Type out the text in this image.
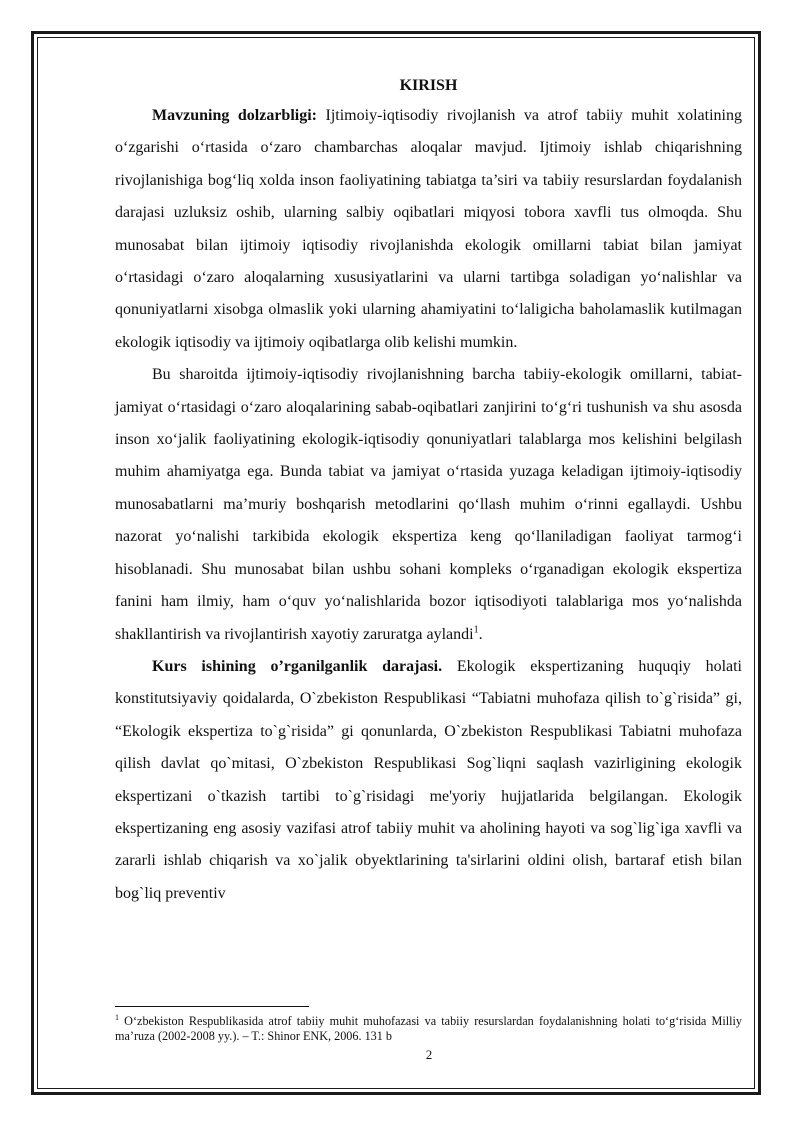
KIRISH

Mavzuning dolzarbligi: Ijtimoiy-iqtisodiy rivojlanish va atrof tabiiy muhit xolatining o‘zgarishi o‘rtasida o‘zaro chambarchas aloqalar mavjud. Ijtimoiy ishlab chiqarishning rivojlanishiga bog‘liq xolda inson faoliyatining tabiatga ta’siri va tabiiy resurslardan foydalanish darajasi uzluksiz oshib, ularning salbiy oqibatlari miqyosi tobora xavfli tus olmoqda. Shu munosabat bilan ijtimoiy iqtisodiy rivojlanishda ekologik omillarni tabiat bilan jamiyat o‘rtasidagi o‘zaro aloqalarning xususiyatlarini va ularni tartibga soladigan yo‘nalishlar va qonuniyatlarni xisobga olmaslik yoki ularning ahamiyatini to‘laligicha baholamaslik kutilmagan ekologik iqtisodiy va ijtimoiy oqibatlarga olib kelishi mumkin.

Bu sharoitda ijtimoiy-iqtisodiy rivojlanishning barcha tabiiy-ekologik omillarni, tabiat-jamiyat o‘rtasidagi o‘zaro aloqalarining sabab-oqibatlari zanjirini to‘g‘ri tushunish va shu asosda inson xo‘jalik faoliyatining ekologik-iqtisodiy qonuniyatlari talablarga mos kelishini belgilash muhim ahamiyatga ega. Bunda tabiat va jamiyat o‘rtasida yuzaga keladigan ijtimoiy-iqtisodiy munosabatlarni ma’muriy boshqarish metodlarini qo‘llash muhim o‘rinni egallaydi. Ushbu nazorat yo‘nalishi tarkibida ekologik ekspertiza keng qo‘llaniladigan faoliyat tarmog‘i hisoblanadi. Shu munosabat bilan ushbu sohani kompleks o‘rganadigan ekologik ekspertiza fanini ham ilmiy, ham o‘quv yo‘nalishlarida bozor iqtisodiyoti talablariga mos yo‘nalishda shakllantirish va rivojlantirish xayotiy zaruratga aylandi$^1$.

Kurs ishining o’rganilganlik darajasi. Ekologik ekspertizaning huquqiy holati konstitutsiyaviy qoidalarda, O`zbekiston Respublikasi “Tabiatni muhofaza qilish to`g`risida” gi, “Ekologik ekspertiza to`g`risida” gi qonunlarda, O`zbekiston Respublikasi Tabiatni muhofaza qilish davlat qo`mitasi, O`zbekiston Respublikasi Sog`liqni saqlash vazirligining ekologik ekspertizani o`tkazish tartibi to`g`risidagi me'yoriy hujjatlarida belgilangan. Ekologik ekspertizaning eng asosiy vazifasi atrof tabiiy muhit va aholining hayoti va sog`lig`iga xavfli va zararli ishlab chiqarish va xo`jalik obyektlarining ta'sirlarini oldini olish, bartaraf etish bilan bog`liq preventiv

$^1$ O‘zbekiston Respublikasida atrof tabiiy muhit muhofazasi va tabiiy resurslardan foydalanishning holati to‘g‘risida Milliy ma’ruza (2002-2008 yy.). – T.: Shinor ENK, 2006. 131 b
2
